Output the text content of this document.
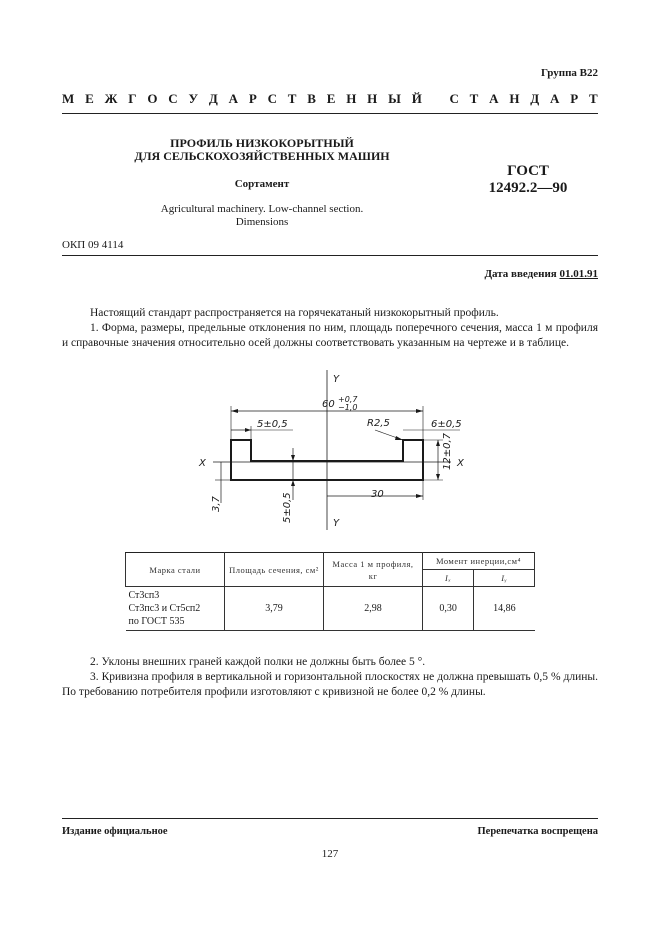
Группа В22
М Е Ж Г О С У Д А Р С Т В Е Н Н Ы Й С Т А Н Д А Р Т
ПРОФИЛЬ НИЗКОКОРЫТНЫЙ
ДЛЯ СЕЛЬСКОХОЗЯЙСТВЕННЫХ МАШИН
Сортамент
Agricultural machinery. Low-channel section.
Dimensions
ГОСТ
12492.2—90
ОКП 09 4114
Дата введения 01.01.91
Настоящий стандарт распространяется на горячекатаный низкокорытный профиль.
1. Форма, размеры, предельные отклонения по ним, площадь поперечного сечения, масса 1 м профиля и справочные значения относительно осей должны соответствовать указанным на чертеже и в таблице.
Y
Y
X	X
60 +0,7
−1,0
5±0,5	R2,5	6±0,5
30
12±0,7
5±0,5
3,7
Марка стали	Площадь сечения, см²	Масса 1 м профиля, кг	Момент инерции,см⁴	
			Iₓ	Iᵧ

Ст3сп3
Ст3пс3 и Ст5сп2
по ГОСТ 535	3,79	2,98	0,30	14,86
2. Уклоны внешних граней каждой полки не должны быть более 5 °.
3. Кривизна профиля в вертикальной и горизонтальной плоскостях не должна превышать 0,5 % длины. По требованию потребителя профили изготовляют с кривизной не более 0,2 % длины.
Издание официальное	Перепечатка воспрещена
127
